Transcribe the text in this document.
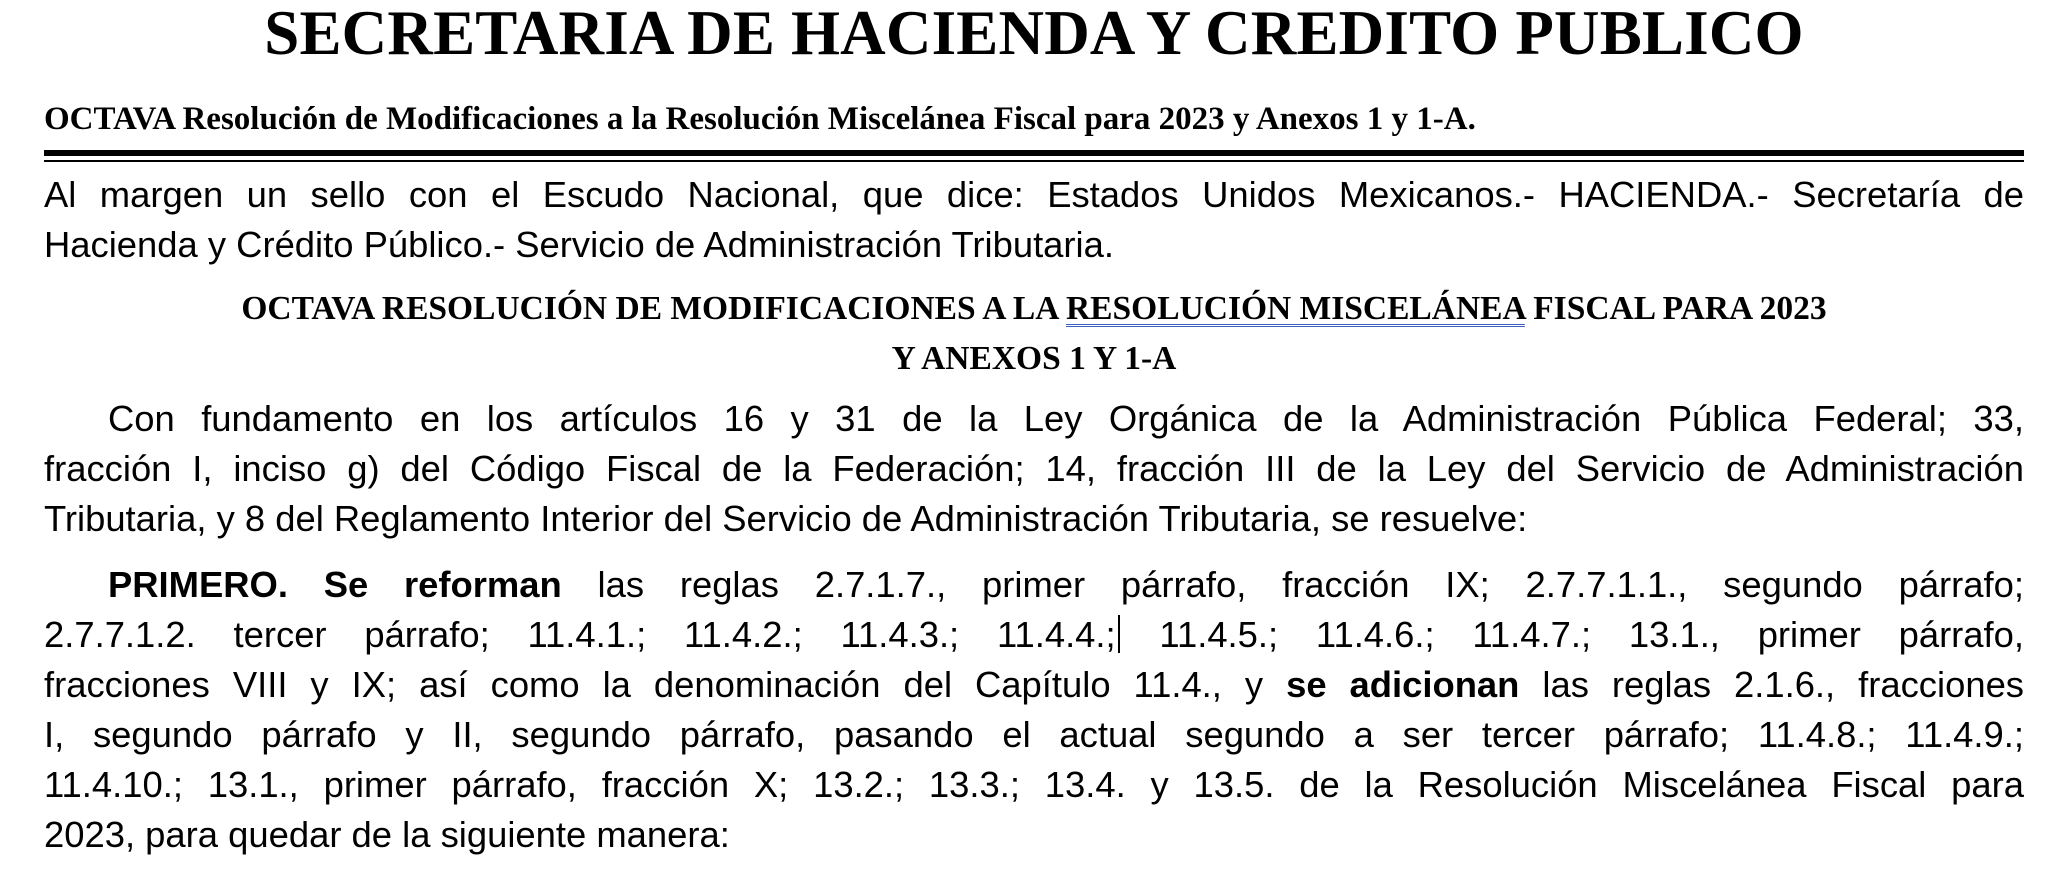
SECRETARIA DE HACIENDA Y CREDITO PUBLICO
OCTAVA Resolución de Modificaciones a la Resolución Miscelánea Fiscal para 2023 y Anexos 1 y 1-A.
Al margen un sello con el Escudo Nacional, que dice: Estados Unidos Mexicanos.- HACIENDA.- Secretaría de
Hacienda y Crédito Público.- Servicio de Administración Tributaria.
OCTAVA RESOLUCIÓN DE MODIFICACIONES A LA RESOLUCIÓN MISCELÁNEA FISCAL PARA 2023
Y ANEXOS 1 Y 1-A
Con fundamento en los artículos 16 y 31 de la Ley Orgánica de la Administración Pública Federal; 33,
fracción I, inciso g) del Código Fiscal de la Federación; 14, fracción III de la Ley del Servicio de Administración
Tributaria, y 8 del Reglamento Interior del Servicio de Administración Tributaria, se resuelve:
PRIMERO. Se reforman las reglas 2.7.1.7., primer párrafo, fracción IX; 2.7.7.1.1., segundo párrafo;
2.7.7.1.2. tercer párrafo; 11.4.1.; 11.4.2.; 11.4.3.; 11.4.4.; 11.4.5.; 11.4.6.; 11.4.7.; 13.1., primer párrafo,
fracciones VIII y IX; así como la denominación del Capítulo 11.4., y se adicionan las reglas 2.1.6., fracciones
I, segundo párrafo y II, segundo párrafo, pasando el actual segundo a ser tercer párrafo; 11.4.8.; 11.4.9.;
11.4.10.; 13.1., primer párrafo, fracción X; 13.2.; 13.3.; 13.4. y 13.5. de la Resolución Miscelánea Fiscal para
2023, para quedar de la siguiente manera:
